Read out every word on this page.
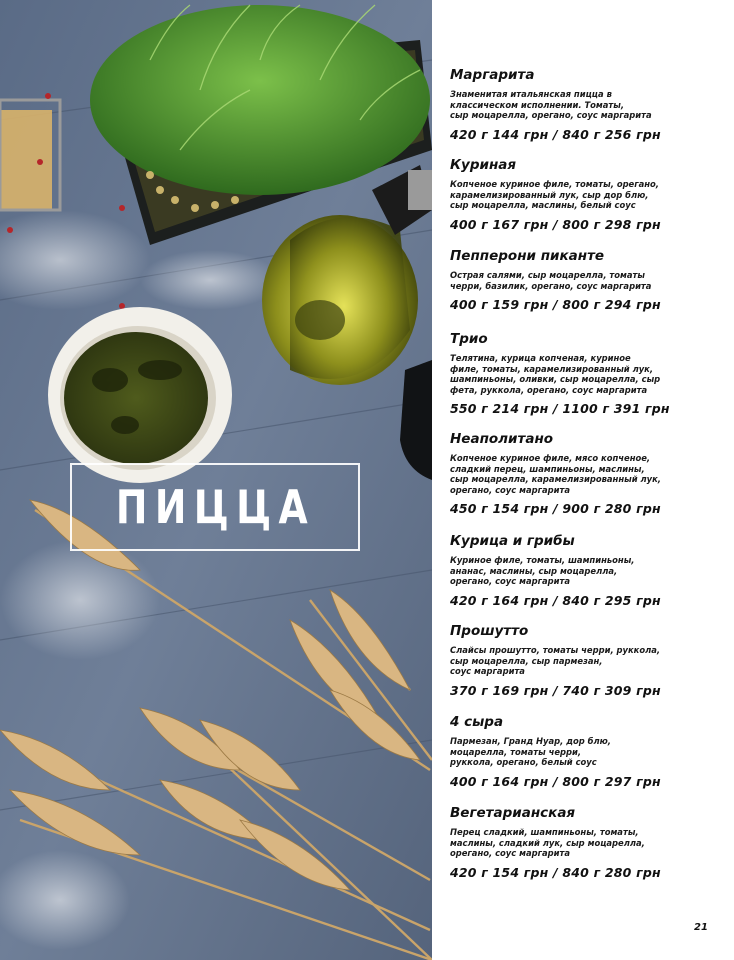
ПИЦЦА
Маргарита
Знаменитая итальянская пицца в
классическом исполнении. Томаты,
сыр моцарелла, орегано, соус маргарита
420 г 144 грн / 840 г 256 грн
Куриная
Копченое куриное филе, томаты, орегано,
карамелизированный лук, сыр дор блю,
сыр моцарелла, маслины, белый соус
400 г 167 грн / 800 г 298 грн
Пепперони пиканте
Острая салями, сыр моцарелла, томаты
черри, базилик, орегано, соус маргарита
400 г 159 грн / 800 г 294 грн
Трио
Телятина, курица копченая, куриное
филе, томаты, карамелизированный лук,
шампиньоны, оливки, сыр моцарелла, сыр
фета, руккола, орегано, соус маргарита
550 г 214 грн / 1100 г 391 грн
Неаполитано
Копченое куриное филе, мясо копченое,
сладкий перец, шампиньоны, маслины,
сыр моцарелла, карамелизированный лук,
орегано, соус маргарита
450 г 154 грн / 900 г 280 грн
Курица и грибы
Куриное филе, томаты, шампиньоны,
ананас, маслины, сыр моцарелла,
орегано, соус маргарита
420 г 164 грн / 840 г 295 грн
Прошутто
Слайсы прошутто, томаты черри, руккола,
сыр моцарелла, сыр пармезан,
соус маргарита
370 г 169 грн / 740 г 309 грн
4 сыра
Пармезан, Гранд Нуар, дор блю,
моцарелла, томаты черри,
руккола, орегано, белый соус
400 г 164 грн / 800 г 297 грн
Вегетарианская
Перец сладкий, шампиньоны, томаты,
маслины, сладкий лук, сыр моцарелла,
орегано, соус маргарита
420 г 154 грн / 840 г 280 грн
21
